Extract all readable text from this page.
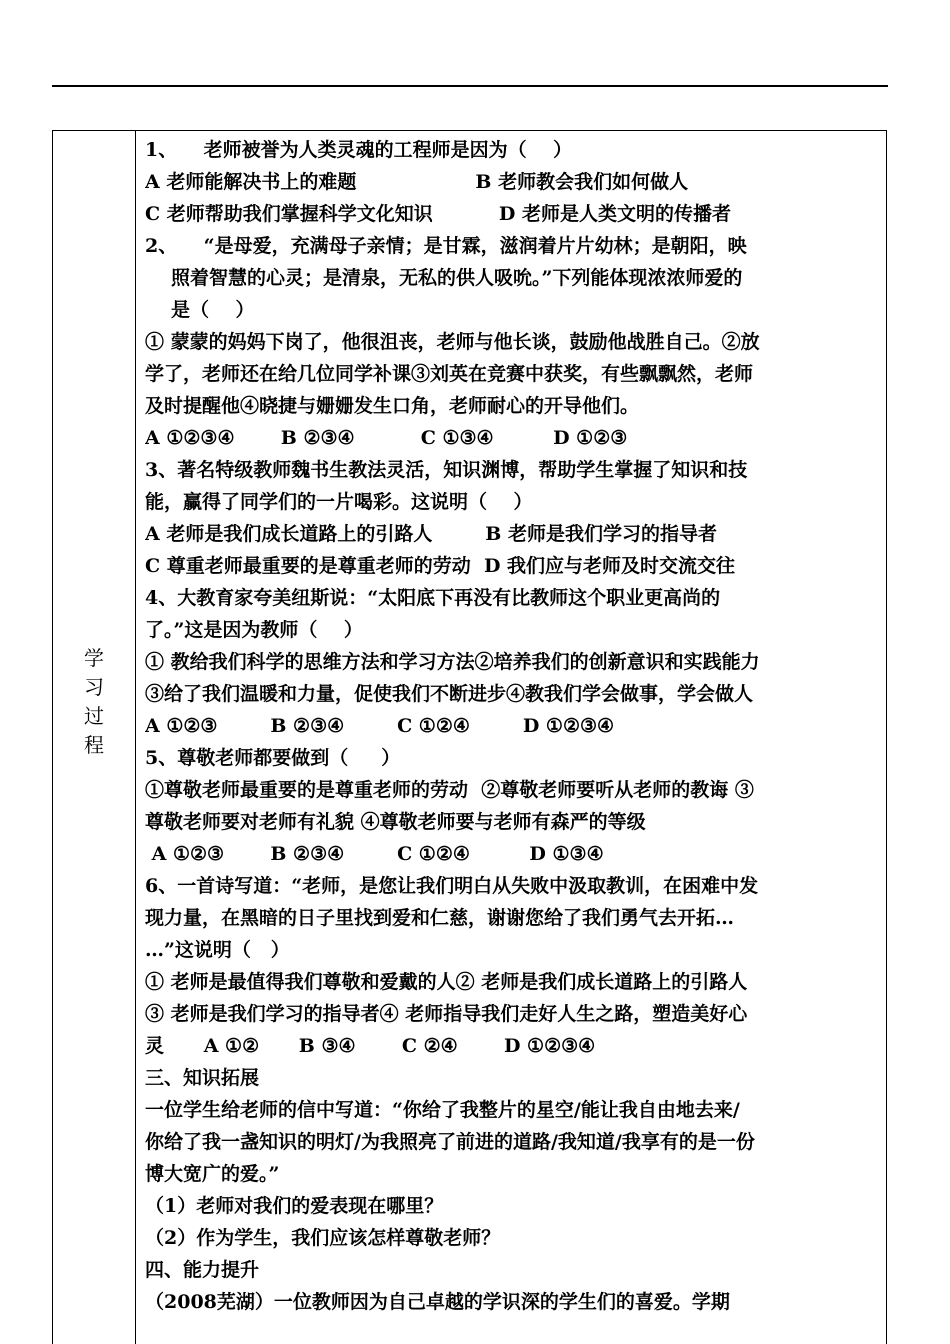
学
习
过
程
1、    老师被誉为人类灵魂的工程师是因为（    ）
A 老师能解决书上的难题                  B 老师教会我们如何做人
C 老师帮助我们掌握科学文化知识          D 老师是人类文明的传播者
2、    “是母爱，充满母子亲情；是甘霖，滋润着片片幼林；是朝阳，映
照着智慧的心灵；是清泉，无私的供人吸吮。”下列能体现浓浓师爱的
是（    ）
① 蒙蒙的妈妈下岗了，他很沮丧，老师与他长谈，鼓励他战胜自己。②放
学了，老师还在给几位同学补课③刘英在竞赛中获奖，有些飘飘然，老师
及时提醒他④晓捷与姗姗发生口角，老师耐心的开导他们。
A ①②③④       B ②③④          C ①③④         D ①②③
3、著名特级教师魏书生教法灵活，知识渊博，帮助学生掌握了知识和技
能，赢得了同学们的一片喝彩。这说明（    ）
A 老师是我们成长道路上的引路人        B 老师是我们学习的指导者
C 尊重老师最重要的是尊重老师的劳动  D 我们应与老师及时交流交往
4、大教育家夸美纽斯说：“太阳底下再没有比教师这个职业更高尚的
了。”这是因为教师（    ）
① 教给我们科学的思维方法和学习方法②培养我们的创新意识和实践能力
③给了我们温暖和力量，促使我们不断进步④教我们学会做事，学会做人
A ①②③        B ②③④        C ①②④        D ①②③④
5、尊敬老师都要做到（     ）
①尊敬老师最重要的是尊重老师的劳动  ②尊敬老师要听从老师的教诲 ③
尊敬老师要对老师有礼貌 ④尊敬老师要与老师有森严的等级
A ①②③       B ②③④        C ①②④         D ①③④
6、一首诗写道：“老师，是您让我们明白从失败中汲取教训，在困难中发
现力量，在黑暗的日子里找到爱和仁慈，谢谢您给了我们勇气去开拓…
…”这说明（   ）
① 老师是最值得我们尊敬和爱戴的人② 老师是我们成长道路上的引路人
③ 老师是我们学习的指导者④ 老师指导我们走好人生之路，塑造美好心
灵      A ①②      B ③④       C ②④       D ①②③④
三、知识拓展
一位学生给老师的信中写道：“你给了我整片的星空/能让我自由地去来/
你给了我一盏知识的明灯/为我照亮了前进的道路/我知道/我享有的是一份
博大宽广的爱。”
（1）老师对我们的爱表现在哪里？
（2）作为学生，我们应该怎样尊敬老师？
四、能力提升
（2008芜湖）一位教师因为自己卓越的学识深的学生们的喜爱。学期
